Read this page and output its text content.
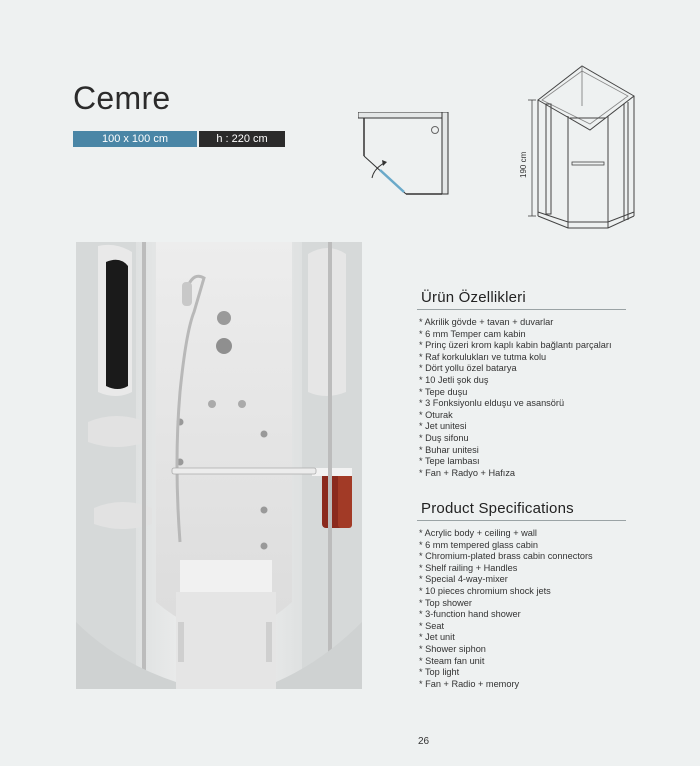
Cemre
100 x 100 cm	h : 220 cm
190 cm
Ürün Özellikleri
* Akrilik gövde + tavan + duvarlar
* 6 mm Temper cam kabin
* Prinç üzeri krom kaplı kabin bağlantı parçaları
* Raf korkulukları ve tutma kolu
* Dört yollu özel batarya
* 10 Jetli şok duş
* Tepe duşu
* 3 Fonksiyonlu elduşu ve asansörü
* Oturak
* Jet unitesi
* Duş sifonu
* Buhar unitesi
* Tepe lambası
* Fan + Radyo + Hafıza
Product Specifications
* Acrylic body + ceiling + wall
* 6 mm tempered glass cabin
* Chromium-plated brass cabin connectors
* Shelf railing + Handles
* Special 4-way-mixer
* 10 pieces chromium shock jets
* Top shower
* 3-function hand shower
* Seat
* Jet unit
* Shower siphon
* Steam fan unit
* Top light
* Fan + Radio + memory
26
